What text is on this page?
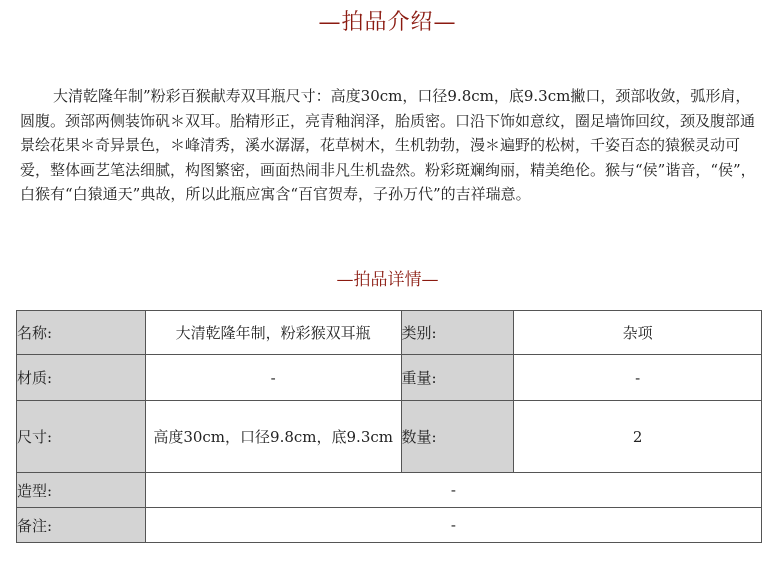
—拍品介绍—

大清乾隆年制”粉彩百猴献寿双耳瓶尺寸：高度30cm，口径9.8cm，底9.3cm撇口，颈部收敛，弧形肩，圆腹。颈部两侧装饰矾＊双耳。胎精形正，亮青釉润泽，胎质密。口沿下饰如意纹，圈足墙饰回纹，颈及腹部通景绘花果＊奇异景色，＊峰清秀，溪水潺潺，花草树木，生机勃勃，漫＊遍野的松树，千姿百态的猿猴灵动可爱，整体画艺笔法细腻，构图繁密，画面热闹非凡生机盎然。粉彩斑斓绚丽，精美绝伦。猴与“侯”谐音，“侯”，白猴有“白猿通天”典故，所以此瓶应寓含“百官贺寿，子孙万代”的吉祥瑞意。

—拍品详情—
名称:	大清乾隆年制，粉彩猴双耳瓶	类别:	杂项
材质:	-	重量:	-
尺寸:	高度30cm，口径9.8cm，底9.3cm	数量:	2
造型:	-		
备注:	-		
